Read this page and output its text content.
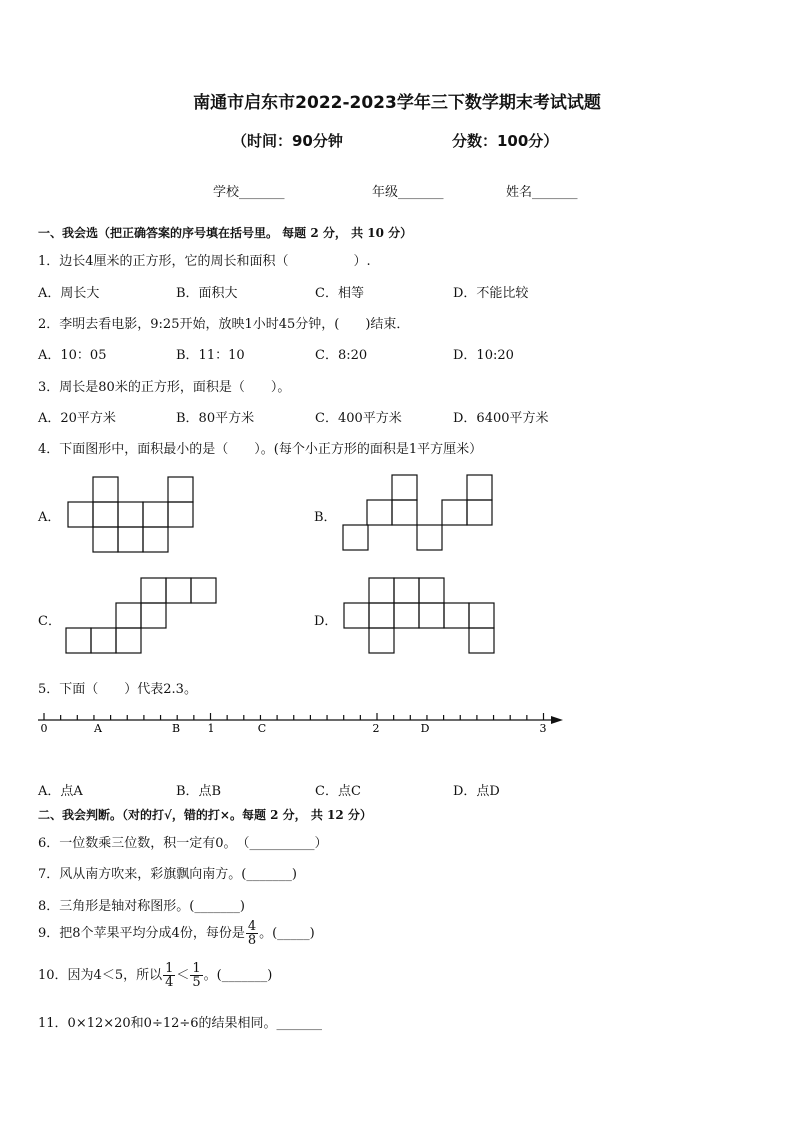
南通市启东市2022-2023学年三下数学期末考试试题
（时间：90分钟	分数：100分）
学校_______	年级_______	姓名_______
一、我会选（把正确答案的序号填在括号里。 每题 2 分， 共 10 分）
1．边长4厘米的正方形，它的周长和面积（　　　　　）.
A．周长大	B．面积大	C．相等	D．不能比较
2．李明去看电影，9:25开始，放映1小时45分钟，(　　)结束．
A．10：05	B．11：10	C．8:20	D．10:20
3．周长是80米的正方形，面积是（　　）。
A．20平方米	B．80平方米	C．400平方米	D．6400平方米
4．下面图形中，面积最小的是（　　）。(每个小正方形的面积是1平方厘米）
A．	B．
C．	D．
5．下面（　　）代表2.3。
0	A	B 1	C	2	D	3
A．点A	B．点B	C．点C	D．点D
二、我会判断。（对的打√，错的打×。每题 2 分， 共 12 分）
6．一位数乘三位数，积一定有0。　（__________）
7．风从南方吹来，彩旗飘向南方。(_______)
8．三角形是轴对称图形。(_______)
9．把8个苹果平均分成4份，每份是 $\frac{4}{8}$ 。(_____)
10．因为4＜5，所以 $\frac{1}{4} < \frac{1}{5}$ 。(_______)
11．0×12×20和0÷12÷6的结果相同。_______
